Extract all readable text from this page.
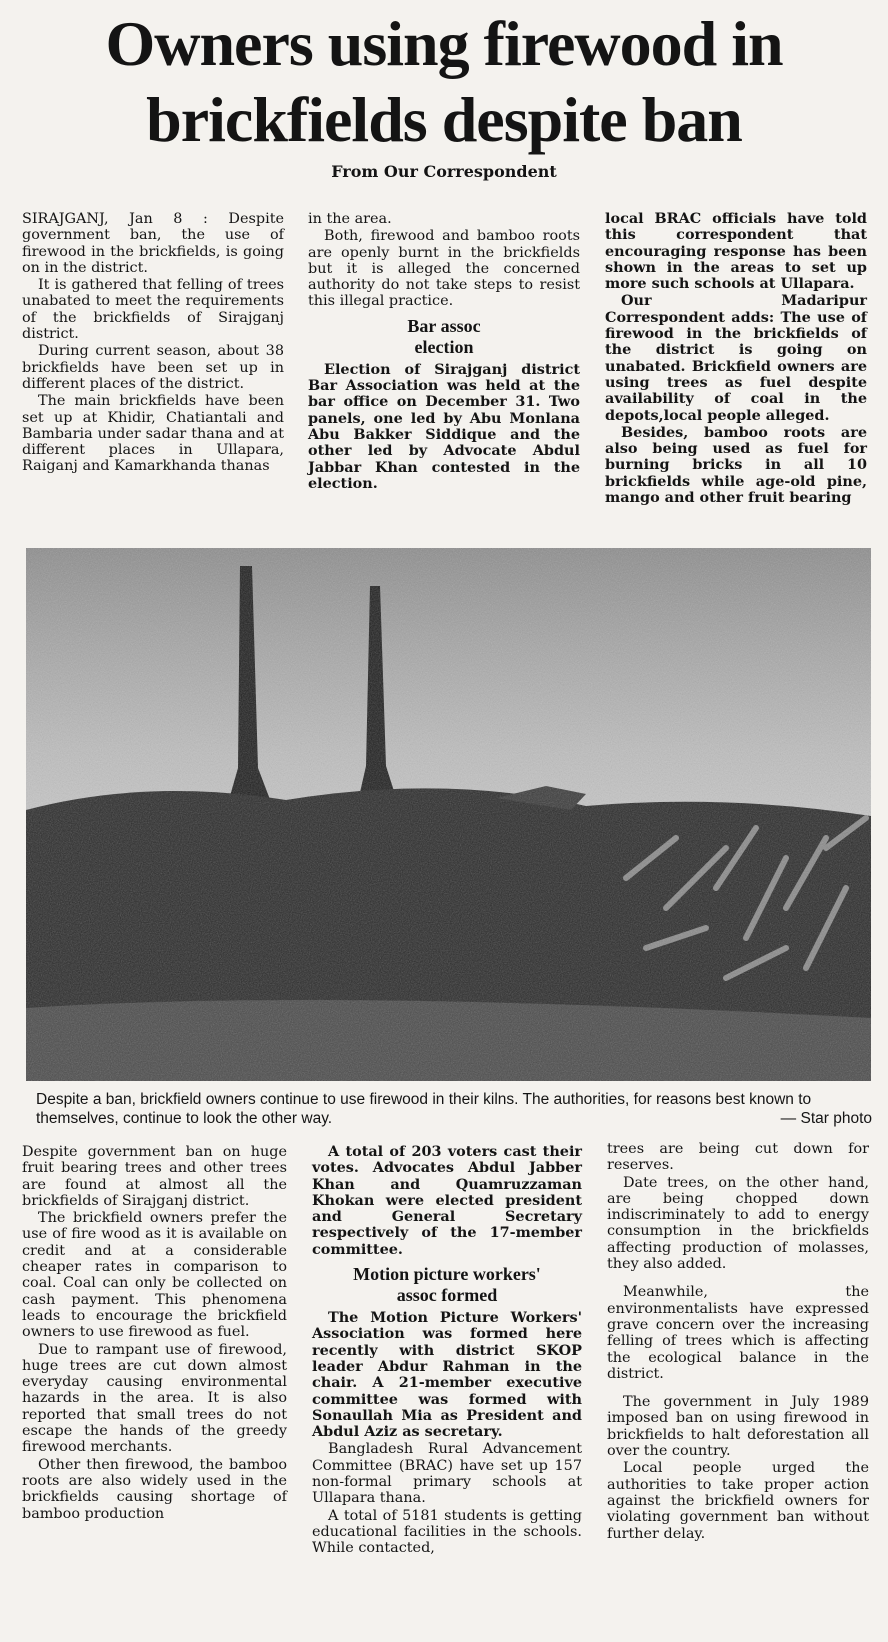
Owners using firewood in
brickfields despite ban
From Our Correspondent

SIRAJGANJ, Jan 8 : Despite government ban, the use of firewood in the brickfields, is going on in the district.

It is gathered that felling of trees unabated to meet the requirements of the brickfields of Sirajganj district.

During current season, about 38 brickfields have been set up in different places of the district.

The main brickfields have been set up at Khidir, Chatiantali and Bambaria under sadar thana and at different places in Ullapara, Raiganj and Kamarkhanda thanas

in the area.

Both, firewood and bamboo roots are openly burnt in the brickfields but it is alleged the concerned authority do not take steps to resist this illegal practice.

Bar assoc
election

Election of Sirajganj district Bar Association was held at the bar office on December 31. Two panels, one led by Abu Monlana Abu Bakker Siddique and the other led by Advocate Abdul Jabbar Khan contested in the election.

local BRAC officials have told this correspondent that encouraging response has been shown in the areas to set up more such schools at Ullapara.

Our Madaripur Correspondent adds: The use of firewood in the brickfields of the district is going on unabated. Brickfield owners are using trees as fuel despite availability of coal in the depots,local people alleged.

Besides, bamboo roots are also being used as fuel for burning bricks in all 10 brickfields while age-old pine, mango and other fruit bearing

Despite a ban, brickfield owners continue to use firewood in their kilns. The authorities, for reasons best known to themselves, continue to look the other way.	— Star photo

Despite government ban on huge fruit bearing trees and other trees are found at almost all the brickfields of Sirajganj district.

The brickfield owners prefer the use of fire wood as it is available on credit and at a considerable cheaper rates in comparison to coal. Coal can only be collected on cash payment. This phenomena leads to encourage the brickfield owners to use firewood as fuel.

Due to rampant use of firewood, huge trees are cut down almost everyday causing environmental hazards in the area. It is also reported that small trees do not escape the hands of the greedy firewood merchants.

Other then firewood, the bamboo roots are also widely used in the brickfields causing shortage of bamboo production

A total of 203 voters cast their votes. Advocates Abdul Jabber Khan and Quamruzzaman Khokan were elected president and General Secretary respectively of the 17-member committee.

Motion picture workers'
assoc formed

The Motion Picture Workers' Association was formed here recently with district SKOP leader Abdur Rahman in the chair. A 21-member executive committee was formed with Sonaullah Mia as President and Abdul Aziz as secretary.

Bangladesh Rural Advancement Committee (BRAC) have set up 157 non-formal primary schools at Ullapara thana.

A total of 5181 students is getting educational facilities in the schools. While contacted,

trees are being cut down for reserves.

Date trees, on the other hand, are being chopped down indiscriminately to add to energy consumption in the brickfields affecting production of molasses, they also added.

Meanwhile, the environmentalists have expressed grave concern over the increasing felling of trees which is affecting the ecological balance in the district.

The government in July 1989 imposed ban on using firewood in brickfields to halt deforestation all over the country.

Local people urged the authorities to take proper action against the brickfield owners for violating government ban without further delay.
